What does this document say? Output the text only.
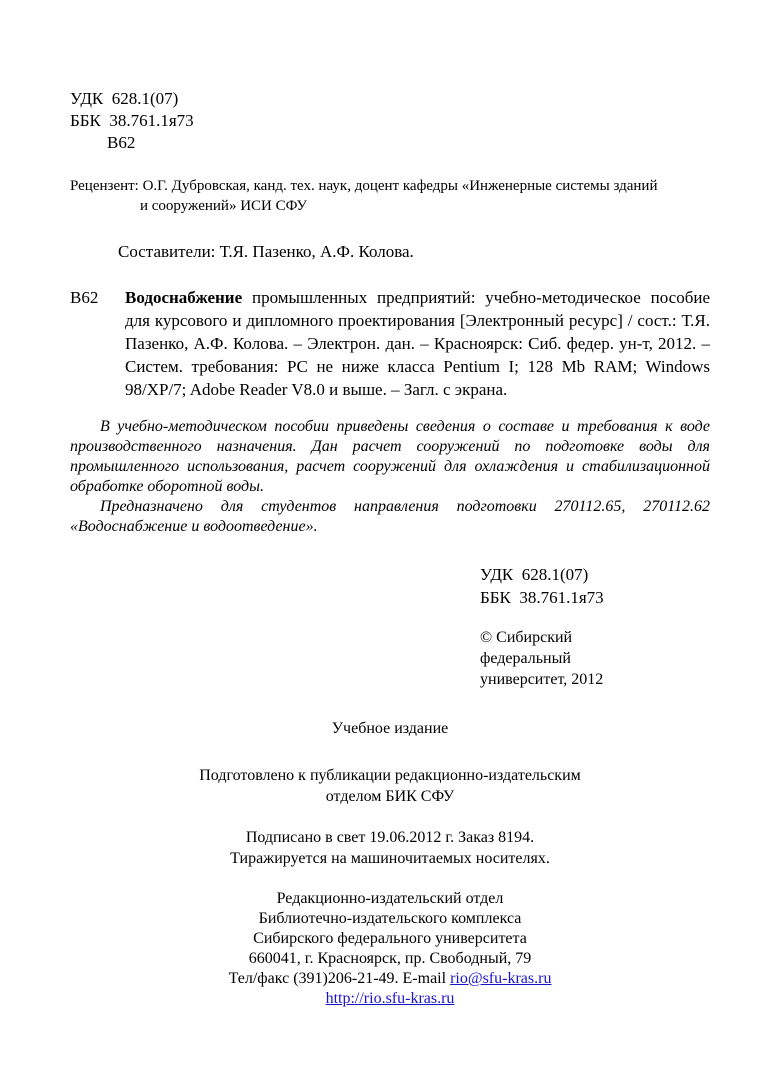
УДК  628.1(07)
ББК  38.761.1я73
В62
Рецензент: О.Г. Дубровская, канд. тех. наук, доцент кафедры «Инженерные системы зданий
и сооружений» ИСИ СФУ
Составители: Т.Я. Пазенко, А.Ф. Колова.
В62	Водоснабжение промышленных предприятий: учебно-методическое пособие для курсового и дипломного проектирования [Электронный ресурс] / сост.: Т.Я. Пазенко, А.Ф. Колова. – Электрон. дан. – Красноярск: Сиб. федер. ун-т, 2012. – Систем. требования: PC не ниже класса Pentium I; 128 Mb RAM; Windows 98/XP/7; Adobe Reader V8.0 и выше. – Загл. с экрана.

В учебно-методическом пособии приведены сведения о составе и требования к воде производственного назначения. Дан расчет сооружений по подготовке воды для промышленного использования, расчет сооружений для охлаждения и стабилизационной обработке оборотной воды.

Предназначено для студентов направления подготовки 270112.65, 270112.62 «Водоснабжение и водоотведение».

УДК  628.1(07)
ББК  38.761.1я73
© Сибирский
федеральный
университет, 2012
Учебное издание
Подготовлено к публикации редакционно-издательским
отделом БИК СФУ
Подписано в свет 19.06.2012 г. Заказ 8194.
Тиражируется на машиночитаемых носителях.
Редакционно-издательский отдел
Библиотечно-издательского комплекса
Сибирского федерального университета
660041, г. Красноярск, пр. Свободный, 79
Тел/факс (391)206-21-49. E-mail rio@sfu-kras.ru
http://rio.sfu-kras.ru
